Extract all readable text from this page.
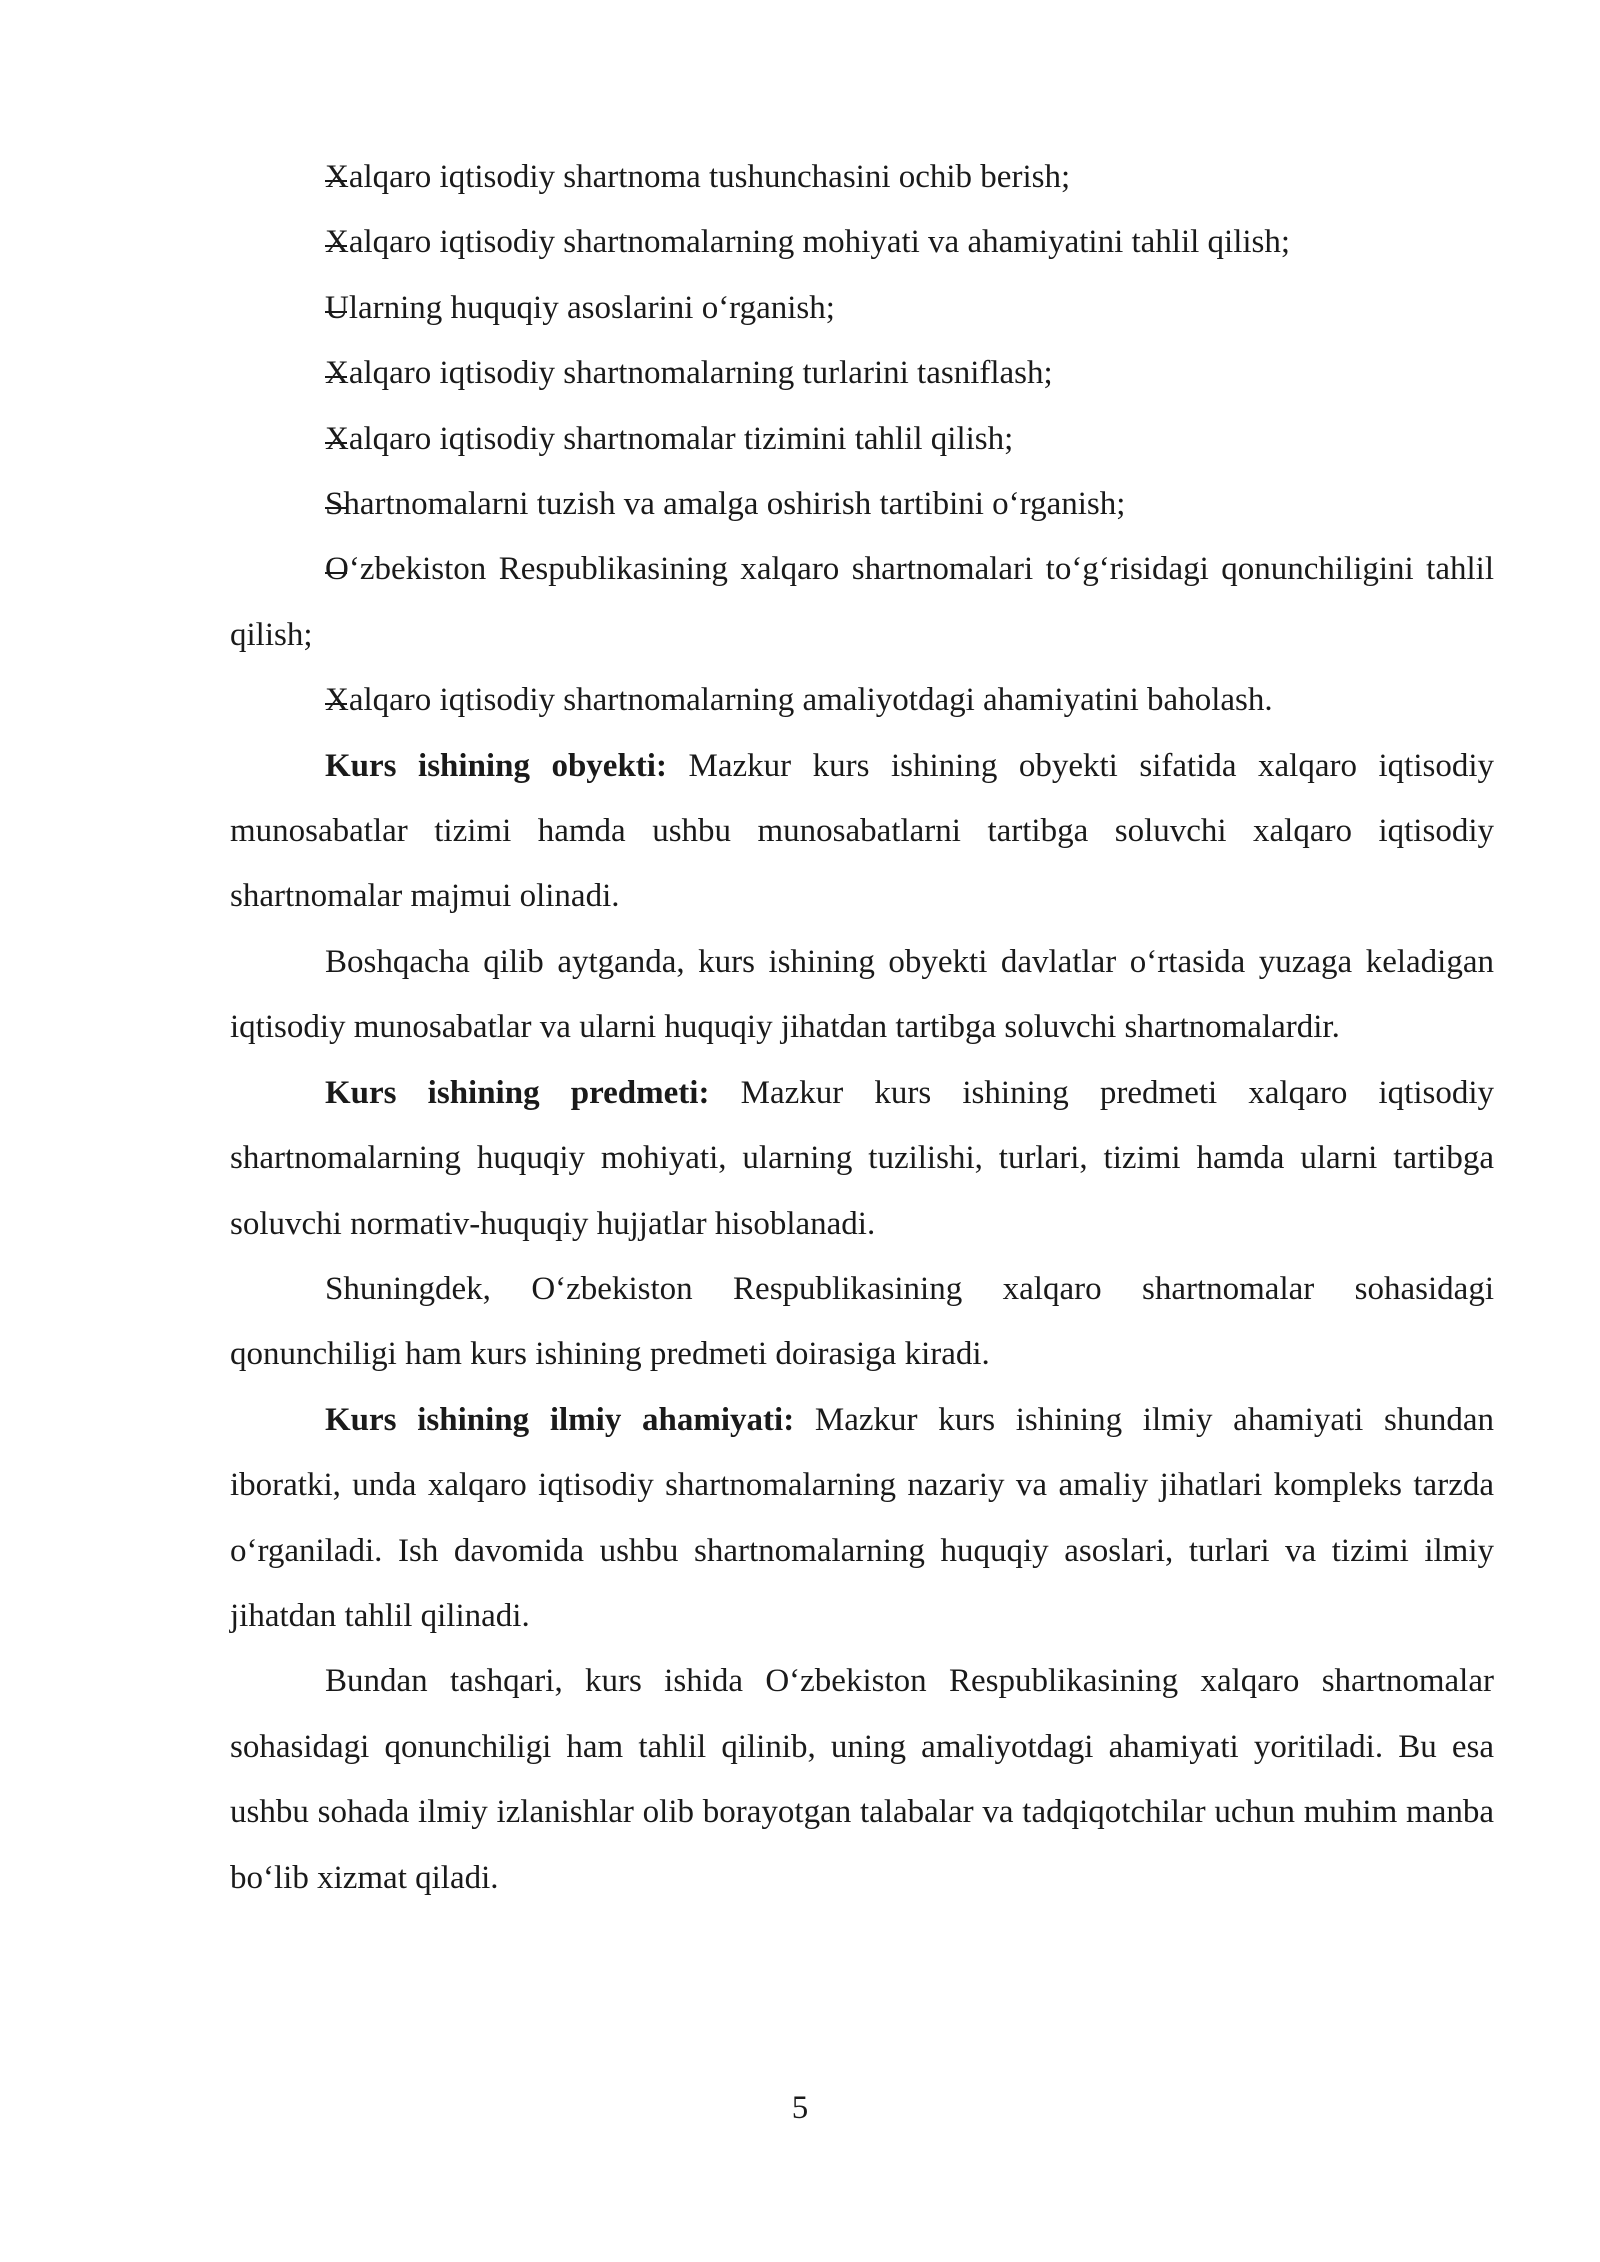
Xalqaro iqtisodiy shartnoma tushunchasini ochib berish;

Xalqaro iqtisodiy shartnomalarning mohiyati va ahamiyatini tahlil qilish;

Ularning huquqiy asoslarini o‘rganish;

Xalqaro iqtisodiy shartnomalarning turlarini tasniflash;

Xalqaro iqtisodiy shartnomalar tizimini tahlil qilish;

Shartnomalarni tuzish va amalga oshirish tartibini o‘rganish;

O‘zbekiston Respublikasining xalqaro shartnomalari to‘g‘risidagi qonunchiligini tahlil qilish;

Xalqaro iqtisodiy shartnomalarning amaliyotdagi ahamiyatini baholash.

Kurs ishining obyekti: Mazkur kurs ishining obyekti sifatida xalqaro iqtisodiy munosabatlar tizimi hamda ushbu munosabatlarni tartibga soluvchi xalqaro iqtisodiy shartnomalar majmui olinadi.

Boshqacha qilib aytganda, kurs ishining obyekti davlatlar o‘rtasida yuzaga keladigan iqtisodiy munosabatlar va ularni huquqiy jihatdan tartibga soluvchi shartnomalardir.

Kurs ishining predmeti: Mazkur kurs ishining predmeti xalqaro iqtisodiy shartnomalarning huquqiy mohiyati, ularning tuzilishi, turlari, tizimi hamda ularni tartibga soluvchi normativ-huquqiy hujjatlar hisoblanadi.

Shuningdek, O‘zbekiston Respublikasining xalqaro shartnomalar sohasidagi qonunchiligi ham kurs ishining predmeti doirasiga kiradi.

Kurs ishining ilmiy ahamiyati: Mazkur kurs ishining ilmiy ahamiyati shundan iboratki, unda xalqaro iqtisodiy shartnomalarning nazariy va amaliy jihatlari kompleks tarzda o‘rganiladi. Ish davomida ushbu shartnomalarning huquqiy asoslari, turlari va tizimi ilmiy jihatdan tahlil qilinadi.

Bundan tashqari, kurs ishida O‘zbekiston Respublikasining xalqaro shartnomalar sohasidagi qonunchiligi ham tahlil qilinib, uning amaliyotdagi ahamiyati yoritiladi. Bu esa ushbu sohada ilmiy izlanishlar olib borayotgan talabalar va tadqiqotchilar uchun muhim manba bo‘lib xizmat qiladi.

5
